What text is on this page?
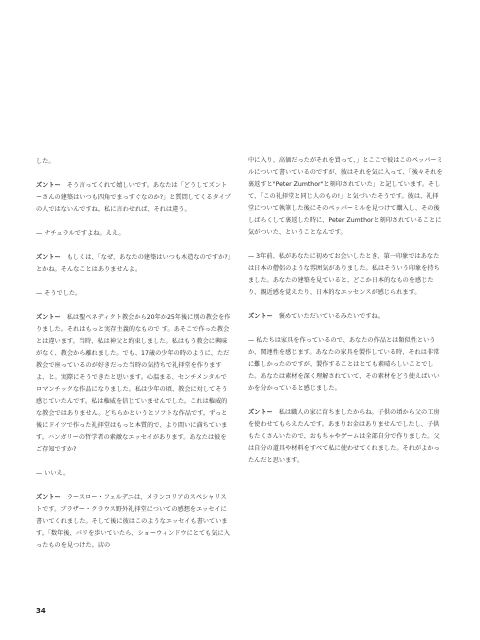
した。

ズントー そう言ってくれて嬉しいです。あなたは「どうしてズントーさんの建築はいつも四角でまっすぐなのか?」と質問してくるタイプの人ではないんですね。私に言わせれば、それは違う。

— ナチュラルですよね。ええ。

ズントー もしくは、「なぜ、あなたの建築はいつも木造なのですか?」とかね。そんなことはありませんよ。

— そうでした。

ズントー 私は聖ベネディクト教会から20年か25年後に別の教会を作りました。それはもっと実存主義的なもので す。あそこで作った教会とは違います。当時、私は神父と約束しました。私はもう教会に興味がなく、教会から離れました。でも、17歳の少年の時のように、ただ教会で座っているのが好きだった当時の気持ちで礼拝堂を作りますよ、と。実際にそうできたと思います。心温まる、センチメンタルでロマンチックな作品になりました。私は少年の頃、教会に対してそう感じていたんです。私は権威を信じていませんでした。これは権威的な教会ではありません。どちらかというとソフトな作品です。ずっと後にドイツで作った礼拝堂はもっと本質的で、より間いに満ちています。ハンガリーの哲学者の素敵なエッセイがあります。あなたは彼をご存知ですか?

— いいえ。

ズントー ラースロー・フェルデニは、メランコリアのスペシャリストです。ブラザー・クラウス野外礼拝堂についての感想をエッセイに書いてくれました。そして後に彼はこのようなエッセイも書いています。「数年後、パリを歩いていたら、ショーウィンドウにとても気に入ったものを見つけた。店の

中に入り、高価だったがそれを買って、」とここで彼はこのペッパーミルについて書いているのですが、彼はそれを気に入って、「後々それを裏返すと"Peter Zumthor"と刻印されていた」と記しています。そして、「この礼拝堂と同じ人のもの!」と気づいたそうです。彼は、礼拝堂について執筆した後にそのペッパーミルを見つけて購入し、その後しばらくして裏返した時に、Peter Zumthorと刻印されていることに気がついた、ということなんです。

— 3年前、私があなたに初めてお会いしたとき、第一印象ではあなたは日本の僧侶のような雰囲気がありました。私はそういう印象を持ちました。あなたの建築を見ていると、どこか日本的なものを感じたり、親近感を覚えたり、日本的なエッセンスが感じられます。

ズントー 褒めていただいているみたいですね。

— 私たちは家具を作っているので、あなたの作品とは類似性というか、関連性を感じます。あなたの家具を製作している時、それは非常に難しかったのですが、製作することはとても素晴らしいことでした。あなたは素材を深く理解されていて、その素材をどう使えばいいかを分かっていると感じました。

ズントー 私は職人の家に育ちましたからね。子供の頃から父の工房を使わせてもらえたんです。あまりお金はありませんでしたし、子供もたくさんいたので、おもちゃやゲームは全部自分で作りました。父は自分の道具や材料をすべて私に使わせてくれました。それがよかったんだと思います。

34
